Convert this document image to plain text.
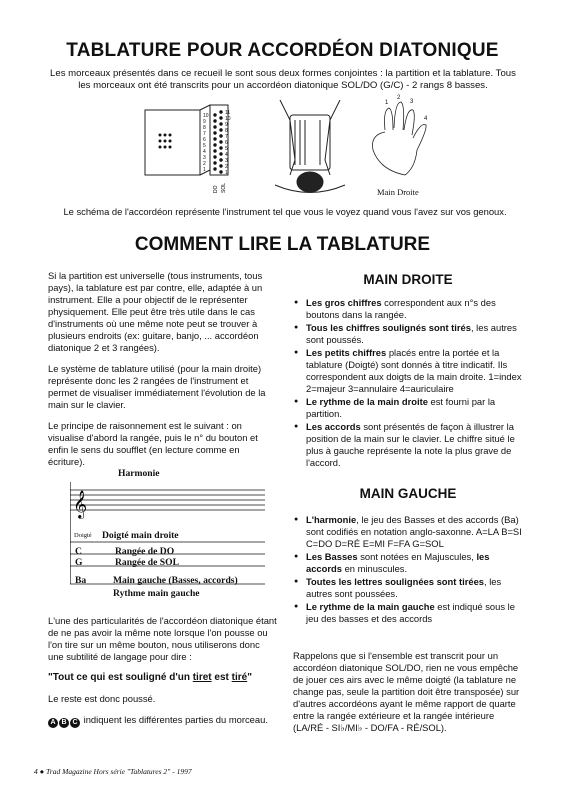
TABLATURE POUR ACCORDÉON DIATONIQUE
Les morceaux présentés dans ce recueil le sont sous deux formes conjointes : la partition et la tablature. Tous les morceaux ont été transcrits pour un accordéon diatonique SOL/DO (G/C) - 2 rangs 8 basses.
11
10
9
8
7
6
5
4
3
2
1
10
9
8
7
6
5
4
3
2
1
DO SOL
1
2
3
4
Main Droite
Le schéma de l'accordéon représente l'instrument tel que vous le voyez quand vous l'avez sur vos genoux.
COMMENT LIRE LA TABLATURE

Si la partition est universelle (tous instruments, tous pays), la tablature est par contre, elle, adaptée à un instrument. Elle a pour objectif de le représenter physiquement. Elle peut être très utile dans le cas d'instruments où une même note peut se trouver à plusieurs endroits (ex: guitare, banjo, ... accordéon diatonique 2 et 3 rangées).

Le système de tablature utilisé (pour la main droite) représente donc les 2 rangées de l'instrument et permet de visualiser immédiatement l'évolution de la main sur le clavier.

Le principe de raisonnement est le suivant : on visualise d'abord la rangée, puis le n° du bouton et enfin le sens du soufflet (en lecture comme en écriture).

Harmonie
𝄞
Doigté Doigté main droite
C	Rangée de DO
G	Rangée de SOL
Ba	Main gauche (Basses, accords)
Rythme main gauche

L'une des particularités de l'accordéon diatonique étant de ne pas avoir la même note lorsque l'on pousse ou l'on tire sur un même bouton, nous utiliserons donc une subtilité de langage pour dire :

"Tout ce qui est souligné d'un tiret est tiré"

Le reste est donc poussé.

A B C indiquent les différentes parties du morceau.

MAIN DROITE
● Les gros chiffres correspondent aux n°s des boutons dans la rangée.
● Tous les chiffres soulignés sont tirés, les autres sont poussés.
● Les petits chiffres placés entre la portée et la tablature (Doigté) sont donnés à titre indicatif. Ils correspondent aux doigts de la main droite. 1=index 2=majeur 3=annulaire 4=auriculaire
● Le rythme de la main droite est fourni par la partition.
● Les accords sont présentés de façon à illustrer la position de la main sur le clavier. Le chiffre situé le plus à gauche représente la note la plus grave de l'accord.
MAIN GAUCHE
● L'harmonie, le jeu des Basses et des accords (Ba) sont codifiés en notation anglo-saxonne. A=LA B=SI C=DO D=RÉ E=MI F=FA G=SOL
● Les Basses sont notées en Majuscules, les accords en minuscules.
● Toutes les lettres soulignées sont tirées, les autres sont poussées.
● Le rythme de la main gauche est indiqué sous le jeu des basses et des accords
Rappelons que si l'ensemble est transcrit pour un accordéon diatonique SOL/DO, rien ne vous empêche de jouer ces airs avec le même doigté (la tablature ne change pas, seule la partition doit être transposée) sur d'autres accordéons ayant le même rapport de quarte entre la rangée extérieure et la rangée intérieure (LA/RÉ - SI♭/MI♭ - DO/FA - RÉ/SOL).
4 ● Trad Magazine Hors série "Tablatures 2" - 1997
